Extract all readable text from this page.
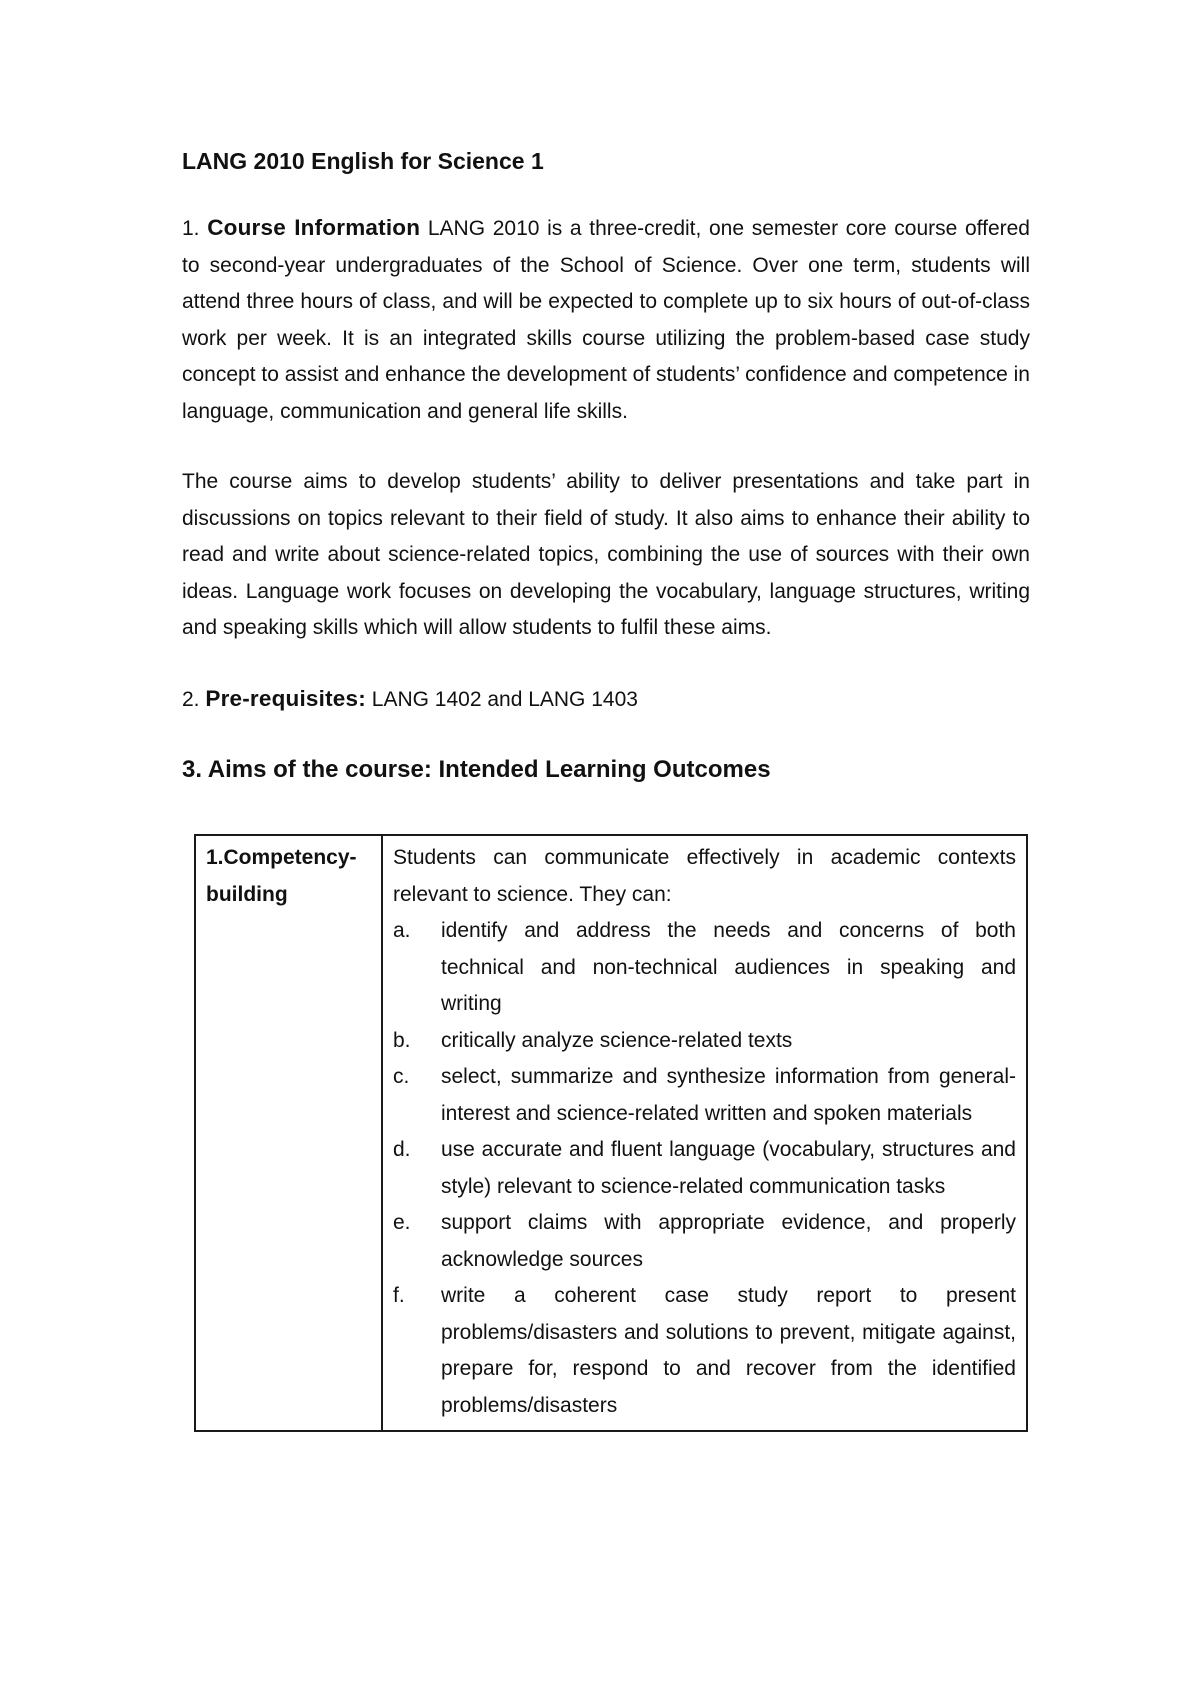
LANG 2010 English for Science 1

1. Course Information LANG 2010 is a three-credit, one semester core course offered to second-year undergraduates of the School of Science. Over one term, students will attend three hours of class, and will be expected to complete up to six hours of out-of-class work per week. It is an integrated skills course utilizing the problem-based case study concept to assist and enhance the development of students’ confidence and competence in language, communication and general life skills.

The course aims to develop students’ ability to deliver presentations and take part in discussions on topics relevant to their field of study. It also aims to enhance their ability to read and write about science-related topics, combining the use of sources with their own ideas. Language work focuses on developing the vocabulary, language structures, writing and speaking skills which will allow students to fulfil these aims.

2. Pre-requisites: LANG 1402 and LANG 1403

3. Aims of the course: Intended Learning Outcomes
1.Competency-building	
Students can communicate effectively in academic contexts relevant to science. They can:
a. identify and address the needs and concerns of both technical and non-technical audiences in speaking and writing
b. critically analyze science-related texts
c. select, summarize and synthesize information from general-interest and science-related written and spoken materials
d. use accurate and fluent language (vocabulary, structures and style) relevant to science-related communication tasks
e. support claims with appropriate evidence, and properly acknowledge sources
f. write a coherent case study report to present problems/disasters and solutions to prevent, mitigate against, prepare for, respond to and recover from the identified problems/disasters
